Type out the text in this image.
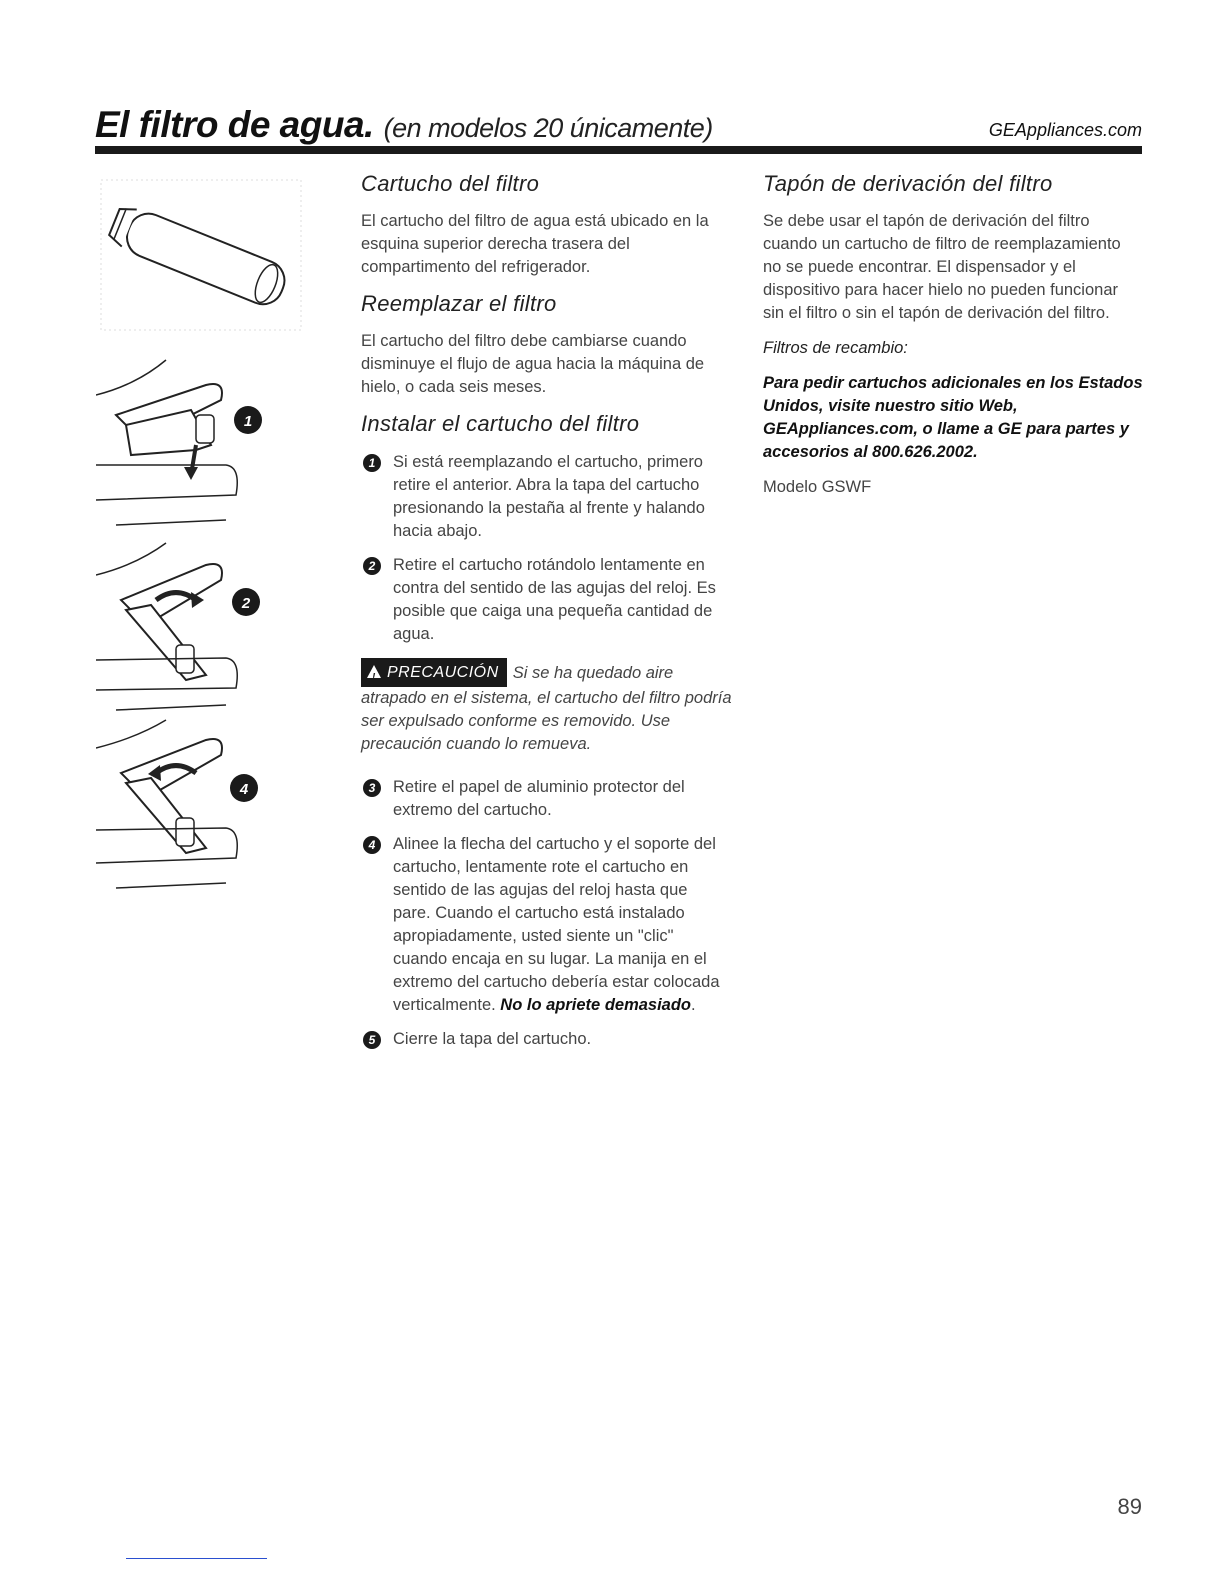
El filtro de agua. (en modelos 20 únicamente)	GEAppliances.com
1
2
4
Cartucho del filtro

El cartucho del filtro de agua está ubicado en la esquina superior derecha trasera del compartimento del refrigerador.

Reemplazar el filtro

El cartucho del filtro debe cambiarse cuando disminuye el flujo de agua hacia la máquina de hielo, o cada seis meses.

Instalar el cartucho del filtro
1	Si está reemplazando el cartucho, primero retire el anterior. Abra la tapa del cartucho presionando la pestaña al frente y halando hacia abajo.

2	Retire el cartucho rotándolo lentamente en contra del sentido de las agujas del reloj. Es posible que caiga una pequeña cantidad de agua.

!PRECAUCIÓN Si se ha quedado aire atrapado en el sistema, el cartucho del filtro podría ser expulsado conforme es removido. Use precaución cuando lo remueva.

3	Retire el papel de aluminio protector del extremo del cartucho.

4	Alinee la flecha del cartucho y el soporte del cartucho, lentamente rote el cartucho en sentido de las agujas del reloj hasta que pare. Cuando el cartucho está instalado apropiadamente, usted siente un "clic" cuando encaja en su lugar. La manija en el extremo del cartucho debería estar colocada verticalmente. No lo apriete demasiado.

5	Cierre la tapa del cartucho.

Tapón de derivación del filtro

Se debe usar el tapón de derivación del filtro cuando un cartucho de filtro de reemplazamiento no se puede encontrar. El dispensador y el dispositivo para hacer hielo no pueden funcionar sin el filtro o sin el tapón de derivación del filtro.

Filtros de recambio:

Para pedir cartuchos adicionales en los Estados Unidos, visite nuestro sitio Web, GEAppliances.com, o llame a GE para partes y accesorios al 800.626.2002.

Modelo GSWF

89
